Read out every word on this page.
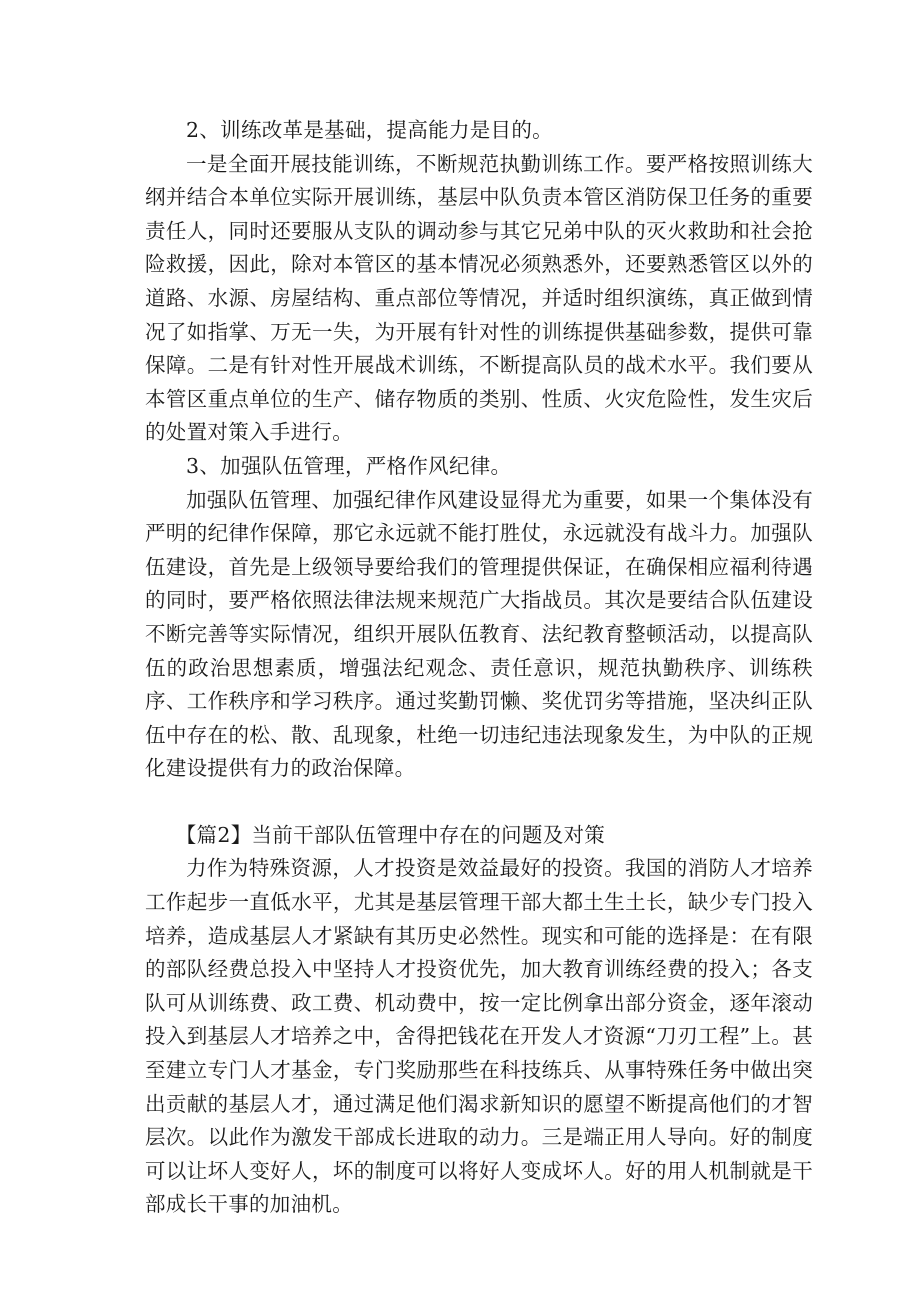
2、训练改革是基础，提高能力是目的。

一是全面开展技能训练，不断规范执勤训练工作。要严格按照训练大纲并结合本单位实际开展训练，基层中队负责本管区消防保卫任务的重要责任人，同时还要服从支队的调动参与其它兄弟中队的灭火救助和社会抢险救援，因此，除对本管区的基本情况必须熟悉外，还要熟悉管区以外的道路、水源、房屋结构、重点部位等情况，并适时组织演练，真正做到情况了如指掌、万无一失，为开展有针对性的训练提供基础参数，提供可靠保障。二是有针对性开展战术训练，不断提高队员的战术水平。我们要从本管区重点单位的生产、储存物质的类别、性质、火灾危险性，发生灾后的处置对策入手进行。

3、加强队伍管理，严格作风纪律。

加强队伍管理、加强纪律作风建设显得尤为重要，如果一个集体没有严明的纪律作保障，那它永远就不能打胜仗，永远就没有战斗力。加强队伍建设，首先是上级领导要给我们的管理提供保证，在确保相应福利待遇的同时，要严格依照法律法规来规范广大指战员。其次是要结合队伍建设不断完善等实际情况，组织开展队伍教育、法纪教育整顿活动，以提高队伍的政治思想素质，增强法纪观念、责任意识，规范执勤秩序、训练秩序、工作秩序和学习秩序。通过奖勤罚懒、奖优罚劣等措施，坚决纠正队伍中存在的松、散、乱现象，杜绝一切违纪违法现象发生，为中队的正规化建设提供有力的政治保障。

【篇2】当前干部队伍管理中存在的问题及对策

力作为特殊资源，人才投资是效益最好的投资。我国的消防人才培养工作起步一直低水平，尤其是基层管理干部大都土生土长，缺少专门投入培养，造成基层人才紧缺有其历史必然性。现实和可能的选择是：在有限的部队经费总投入中坚持人才投资优先，加大教育训练经费的投入；各支队可从训练费、政工费、机动费中，按一定比例拿出部分资金，逐年滚动投入到基层人才培养之中，舍得把钱花在开发人才资源“刀刃工程”上。甚至建立专门人才基金，专门奖励那些在科技练兵、从事特殊任务中做出突出贡献的基层人才，通过满足他们渴求新知识的愿望不断提高他们的才智层次。以此作为激发干部成长进取的动力。三是端正用人导向。好的制度可以让坏人变好人，坏的制度可以将好人变成坏人。好的用人机制就是干部成长干事的加油机。
